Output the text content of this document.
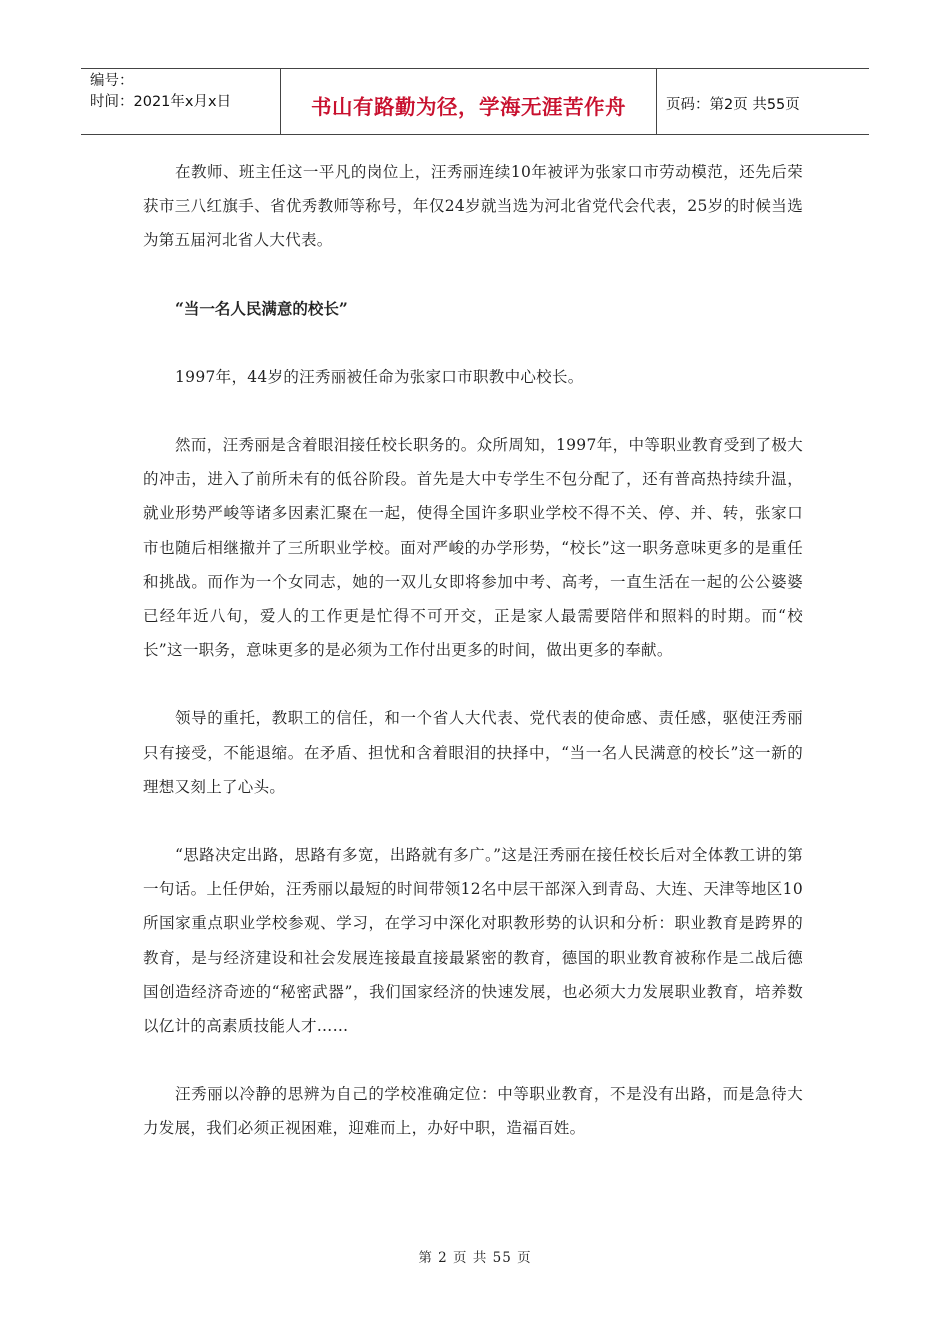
编号：
时间：2021年x月x日	书山有路勤为径，学海无涯苦作舟	页码：第2页 共55页

在教师、班主任这一平凡的岗位上，汪秀丽连续10年被评为张家口市劳动模范，还先后荣获市三八红旗手、省优秀教师等称号，年仅24岁就当选为河北省党代会代表，25岁的时候当选为第五届河北省人大代表。

“当一名人民满意的校长”

1997年，44岁的汪秀丽被任命为张家口市职教中心校长。

然而，汪秀丽是含着眼泪接任校长职务的。众所周知，1997年，中等职业教育受到了极大的冲击，进入了前所未有的低谷阶段。首先是大中专学生不包分配了，还有普高热持续升温，就业形势严峻等诸多因素汇聚在一起，使得全国许多职业学校不得不关、停、并、转，张家口市也随后相继撤并了三所职业学校。面对严峻的办学形势，“校长”这一职务意味更多的是重任和挑战。而作为一个女同志，她的一双儿女即将参加中考、高考，一直生活在一起的公公婆婆已经年近八旬，爱人的工作更是忙得不可开交，正是家人最需要陪伴和照料的时期。而“校长”这一职务，意味更多的是必须为工作付出更多的时间，做出更多的奉献。

领导的重托，教职工的信任，和一个省人大代表、党代表的使命感、责任感，驱使汪秀丽只有接受，不能退缩。在矛盾、担忧和含着眼泪的抉择中，“当一名人民满意的校长”这一新的理想又刻上了心头。

“思路决定出路，思路有多宽，出路就有多广。”这是汪秀丽在接任校长后对全体教工讲的第一句话。上任伊始，汪秀丽以最短的时间带领12名中层干部深入到青岛、大连、天津等地区10所国家重点职业学校参观、学习，在学习中深化对职教形势的认识和分析：职业教育是跨界的教育，是与经济建设和社会发展连接最直接最紧密的教育，德国的职业教育被称作是二战后德国创造经济奇迹的“秘密武器”，我们国家经济的快速发展，也必须大力发展职业教育，培养数以亿计的高素质技能人才……

汪秀丽以冷静的思辨为自己的学校准确定位：中等职业教育，不是没有出路，而是急待大力发展，我们必须正视困难，迎难而上，办好中职，造福百姓。

第 2 页 共 55 页
